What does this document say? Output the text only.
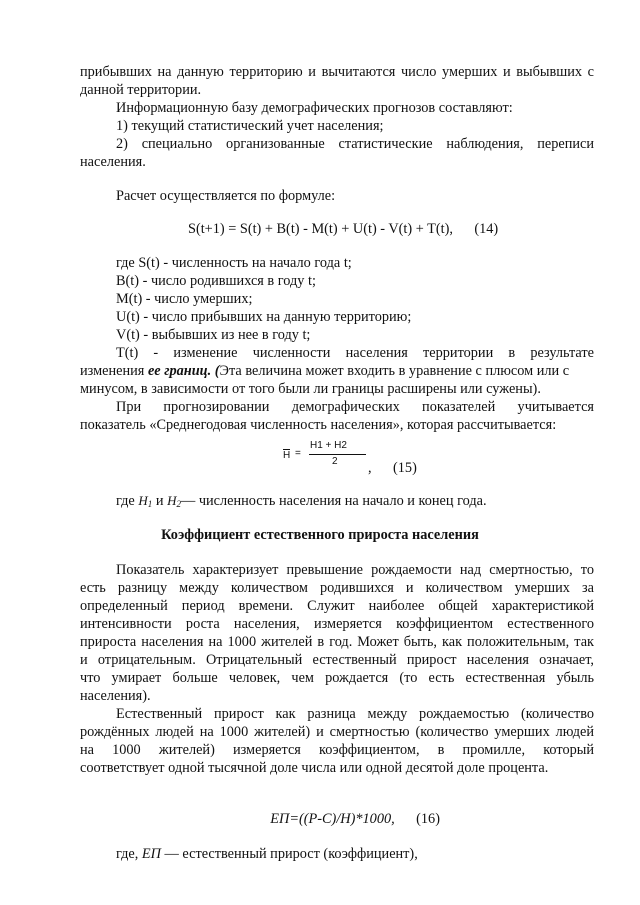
прибывших на данную территорию и вычитаются число умерших и выбывших с
данной территории.
Информационную базу демографических прогнозов составляют:
1) текущий статистический учет населения;
2) специально организованные статистические наблюдения, переписи
населения.
Расчет осуществляется по формуле:
S(t+1) = S(t) + B(t) - M(t) + U(t) - V(t) + T(t),      (14)
где S(t) - численность на начало года t;
B(t) - число родившихся в году t;
M(t) - число умерших;
U(t) - число прибывших на данную территорию;
V(t) - выбывших из нее в году t;
T(t) - изменение численности населения территории в результате
изменения ее границ. (Эта величина может входить в уравнение с плюсом или с
минусом, в зависимости от того были ли границы расширены или сужены).
При прогнозировании демографических показателей учитывается
показатель «Среднегодовая численность населения», которая рассчитывается:
H =
H1 + H2
2 ,      (15)
где $H_1$ и $H_2—$ численность населения на начало и конец года.
Коэффициент естественного прироста населения
Показатель характеризует превышение рождаемости над смертностью, то
есть разницу между количеством родившихся и количеством умерших за
определенный период времени. Служит наиболее общей характеристикой
интенсивности роста населения, измеряется коэффициентом естественного
прироста населения на 1000 жителей в год. Может быть, как положительным, так
и отрицательным. Отрицательный естественный прирост населения означает,
что умирает больше человек, чем рождается (то есть естественная убыль
населения).
Естественный прирост как разница между рождаемостью (количество
рождённых людей на 1000 жителей) и смертностью (количество умерших людей
на 1000 жителей) измеряется коэффициентом, в промилле, который
соответствует одной тысячной доле числа или одной десятой доле процента.

ЕП=((Р-С)/Н)*1000,      (16)

где, ЕП — естественный прирост (коэффициент),
